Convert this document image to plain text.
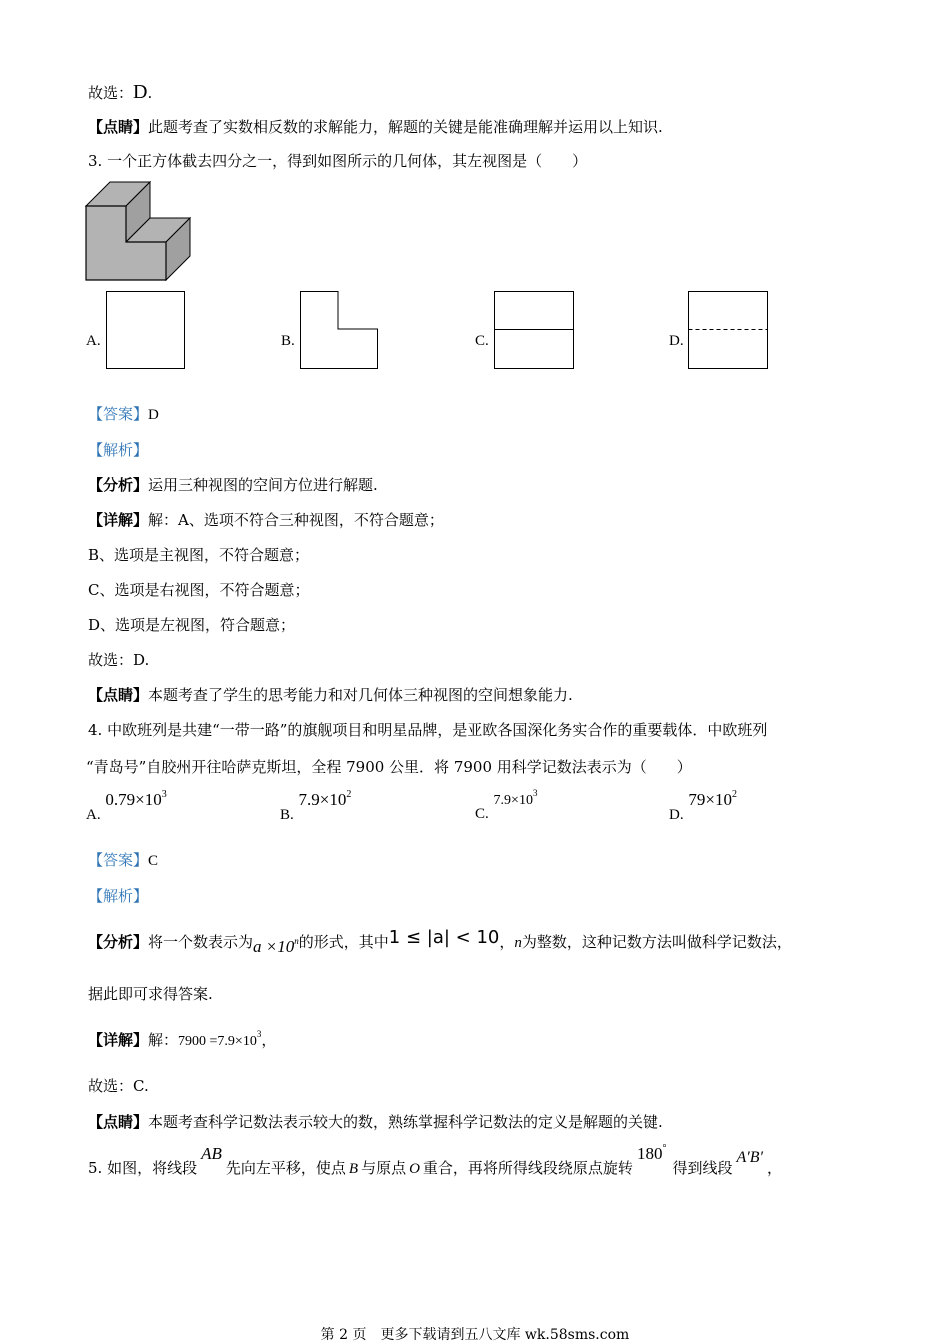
故选：D.
【点睛】此题考查了实数相反数的求解能力，解题的关键是能准确理解并运用以上知识.
3. 一个正方体截去四分之一，得到如图所示的几何体，其左视图是（　　）
A.	B.	C.	D.
【答案】D
【解析】
【分析】运用三种视图的空间方位进行解题.
【详解】解：A、选项不符合三种视图，不符合题意；
B、选项是主视图，不符合题意；
C、选项是右视图，不符合题意；
D、选项是左视图，符合题意；
故选：D.
【点睛】本题考查了学生的思考能力和对几何体三种视图的空间想象能力.
4. 中欧班列是共建“一带一路”的旗舰项目和明星品牌，是亚欧各国深化务实合作的重要载体．中欧班列
“青岛号”自胶州开往哈萨克斯坦，全程 7900 公里．将 7900 用科学记数法表示为（　　）
A. $0.79\times 10^3$
B. $7.9\times 10^2$
C. $7.9\times 10^3$
D. $79\times 10^2$
【答案】C
【解析】
【分析】将一个数表示为$a \times 10^n$的形式，其中1 ≤ |a| < 10，n为整数，这种记数方法叫做科学记数法，
据此即可求得答案.
【详解】解：$7900 =7.9\times 10^3$，
故选：C.
【点睛】本题考查科学记数法表示较大的数，熟练掌握科学记数法的定义是解题的关键.
5. 如图，将线段AB先向左平移，使点 B 与原点 O 重合，再将所得线段绕原点旋转180°得到线段A′B′，
第 2 页　更多下载请到五八文库 wk.58sms.com
